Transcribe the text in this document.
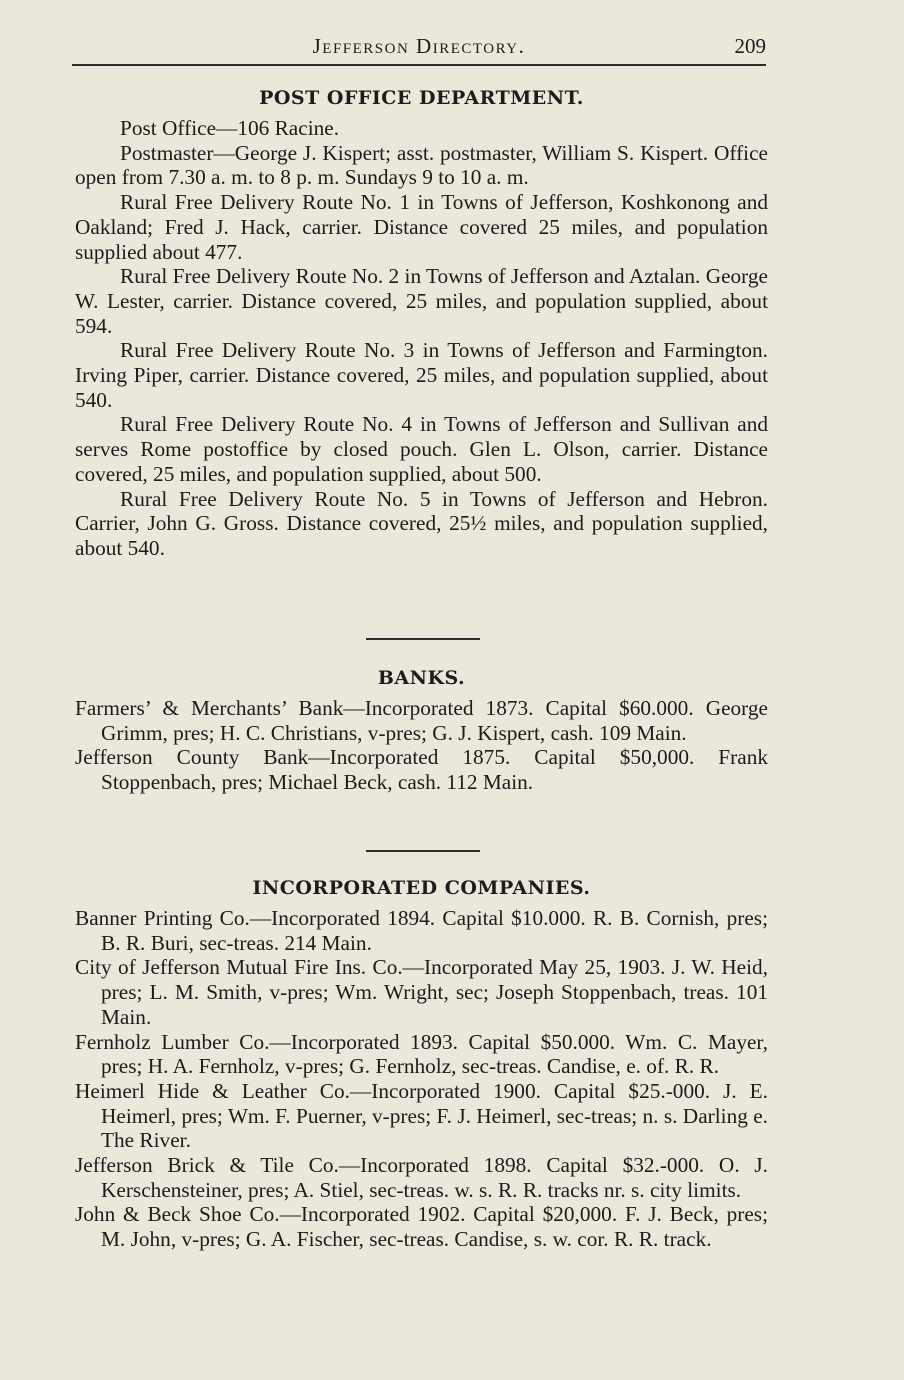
Jefferson Directory.	209
POST OFFICE DEPARTMENT.
Post Office—106 Racine.
Postmaster—George J. Kispert; asst. postmaster, William S. Kispert. Office open from 7.30 a. m. to 8 p. m. Sundays 9 to 10 a. m.
Rural Free Delivery Route No. 1 in Towns of Jefferson, Koshkonong and Oakland; Fred J. Hack, carrier. Distance covered 25 miles, and population supplied about 477.
Rural Free Delivery Route No. 2 in Towns of Jefferson and Aztalan. George W. Lester, carrier. Distance covered, 25 miles, and population supplied, about 594.
Rural Free Delivery Route No. 3 in Towns of Jefferson and Farmington. Irving Piper, carrier. Distance covered, 25 miles, and population supplied, about 540.
Rural Free Delivery Route No. 4 in Towns of Jefferson and Sullivan and serves Rome postoffice by closed pouch. Glen L. Olson, carrier. Distance covered, 25 miles, and population supplied, about 500.
Rural Free Delivery Route No. 5 in Towns of Jefferson and Hebron. Carrier, John G. Gross. Distance covered, 25½ miles, and population supplied, about 540.
BANKS.
Farmers’ & Merchants’ Bank—Incorporated 1873. Capital $60.000. George Grimm, pres; H. C. Christians, v-pres; G. J. Kispert, cash. 109 Main.
Jefferson County Bank—Incorporated 1875. Capital $50,000. Frank Stoppenbach, pres; Michael Beck, cash. 112 Main.
INCORPORATED COMPANIES.
Banner Printing Co.—Incorporated 1894. Capital $10.000. R. B. Cornish, pres; B. R. Buri, sec-treas. 214 Main.
City of Jefferson Mutual Fire Ins. Co.—Incorporated May 25, 1903. J. W. Heid, pres; L. M. Smith, v-pres; Wm. Wright, sec; Joseph Stoppenbach, treas. 101 Main.
Fernholz Lumber Co.—Incorporated 1893. Capital $50.000. Wm. C. Mayer, pres; H. A. Fernholz, v-pres; G. Fernholz, sec-treas. Candise, e. of. R. R.
Heimerl Hide & Leather Co.—Incorporated 1900. Capital $25.-000. J. E. Heimerl, pres; Wm. F. Puerner, v-pres; F. J. Heimerl, sec-treas; n. s. Darling e. The River.
Jefferson Brick & Tile Co.—Incorporated 1898. Capital $32.-000. O. J. Kerschensteiner, pres; A. Stiel, sec-treas. w. s. R. R. tracks nr. s. city limits.
John & Beck Shoe Co.—Incorporated 1902. Capital $20,000. F. J. Beck, pres; M. John, v-pres; G. A. Fischer, sec-treas. Candise, s. w. cor. R. R. track.
